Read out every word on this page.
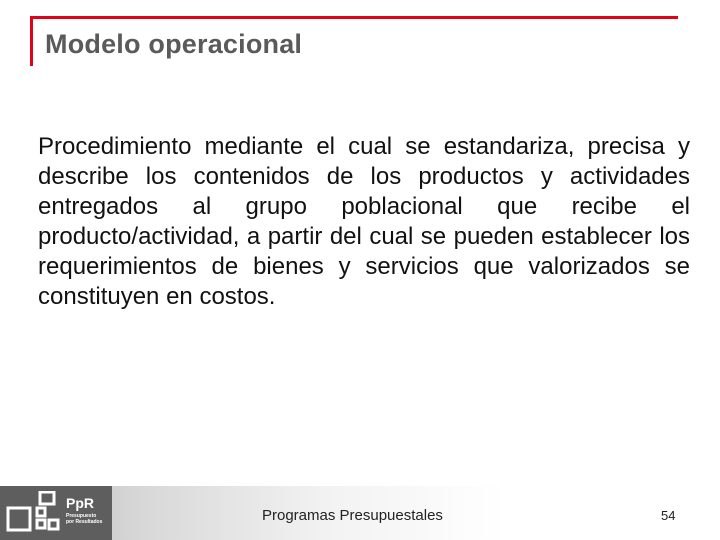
Modelo operacional

Procedimiento mediante el cual se estandariza, precisa y describe los contenidos de los productos y actividades entregados al grupo poblacional que recibe el producto/actividad, a partir del cual se pueden establecer los requerimientos de bienes y servicios que valorizados se constituyen en costos.

PpR
Presupuesto
por Resultados	Programas Presupuestales	54
